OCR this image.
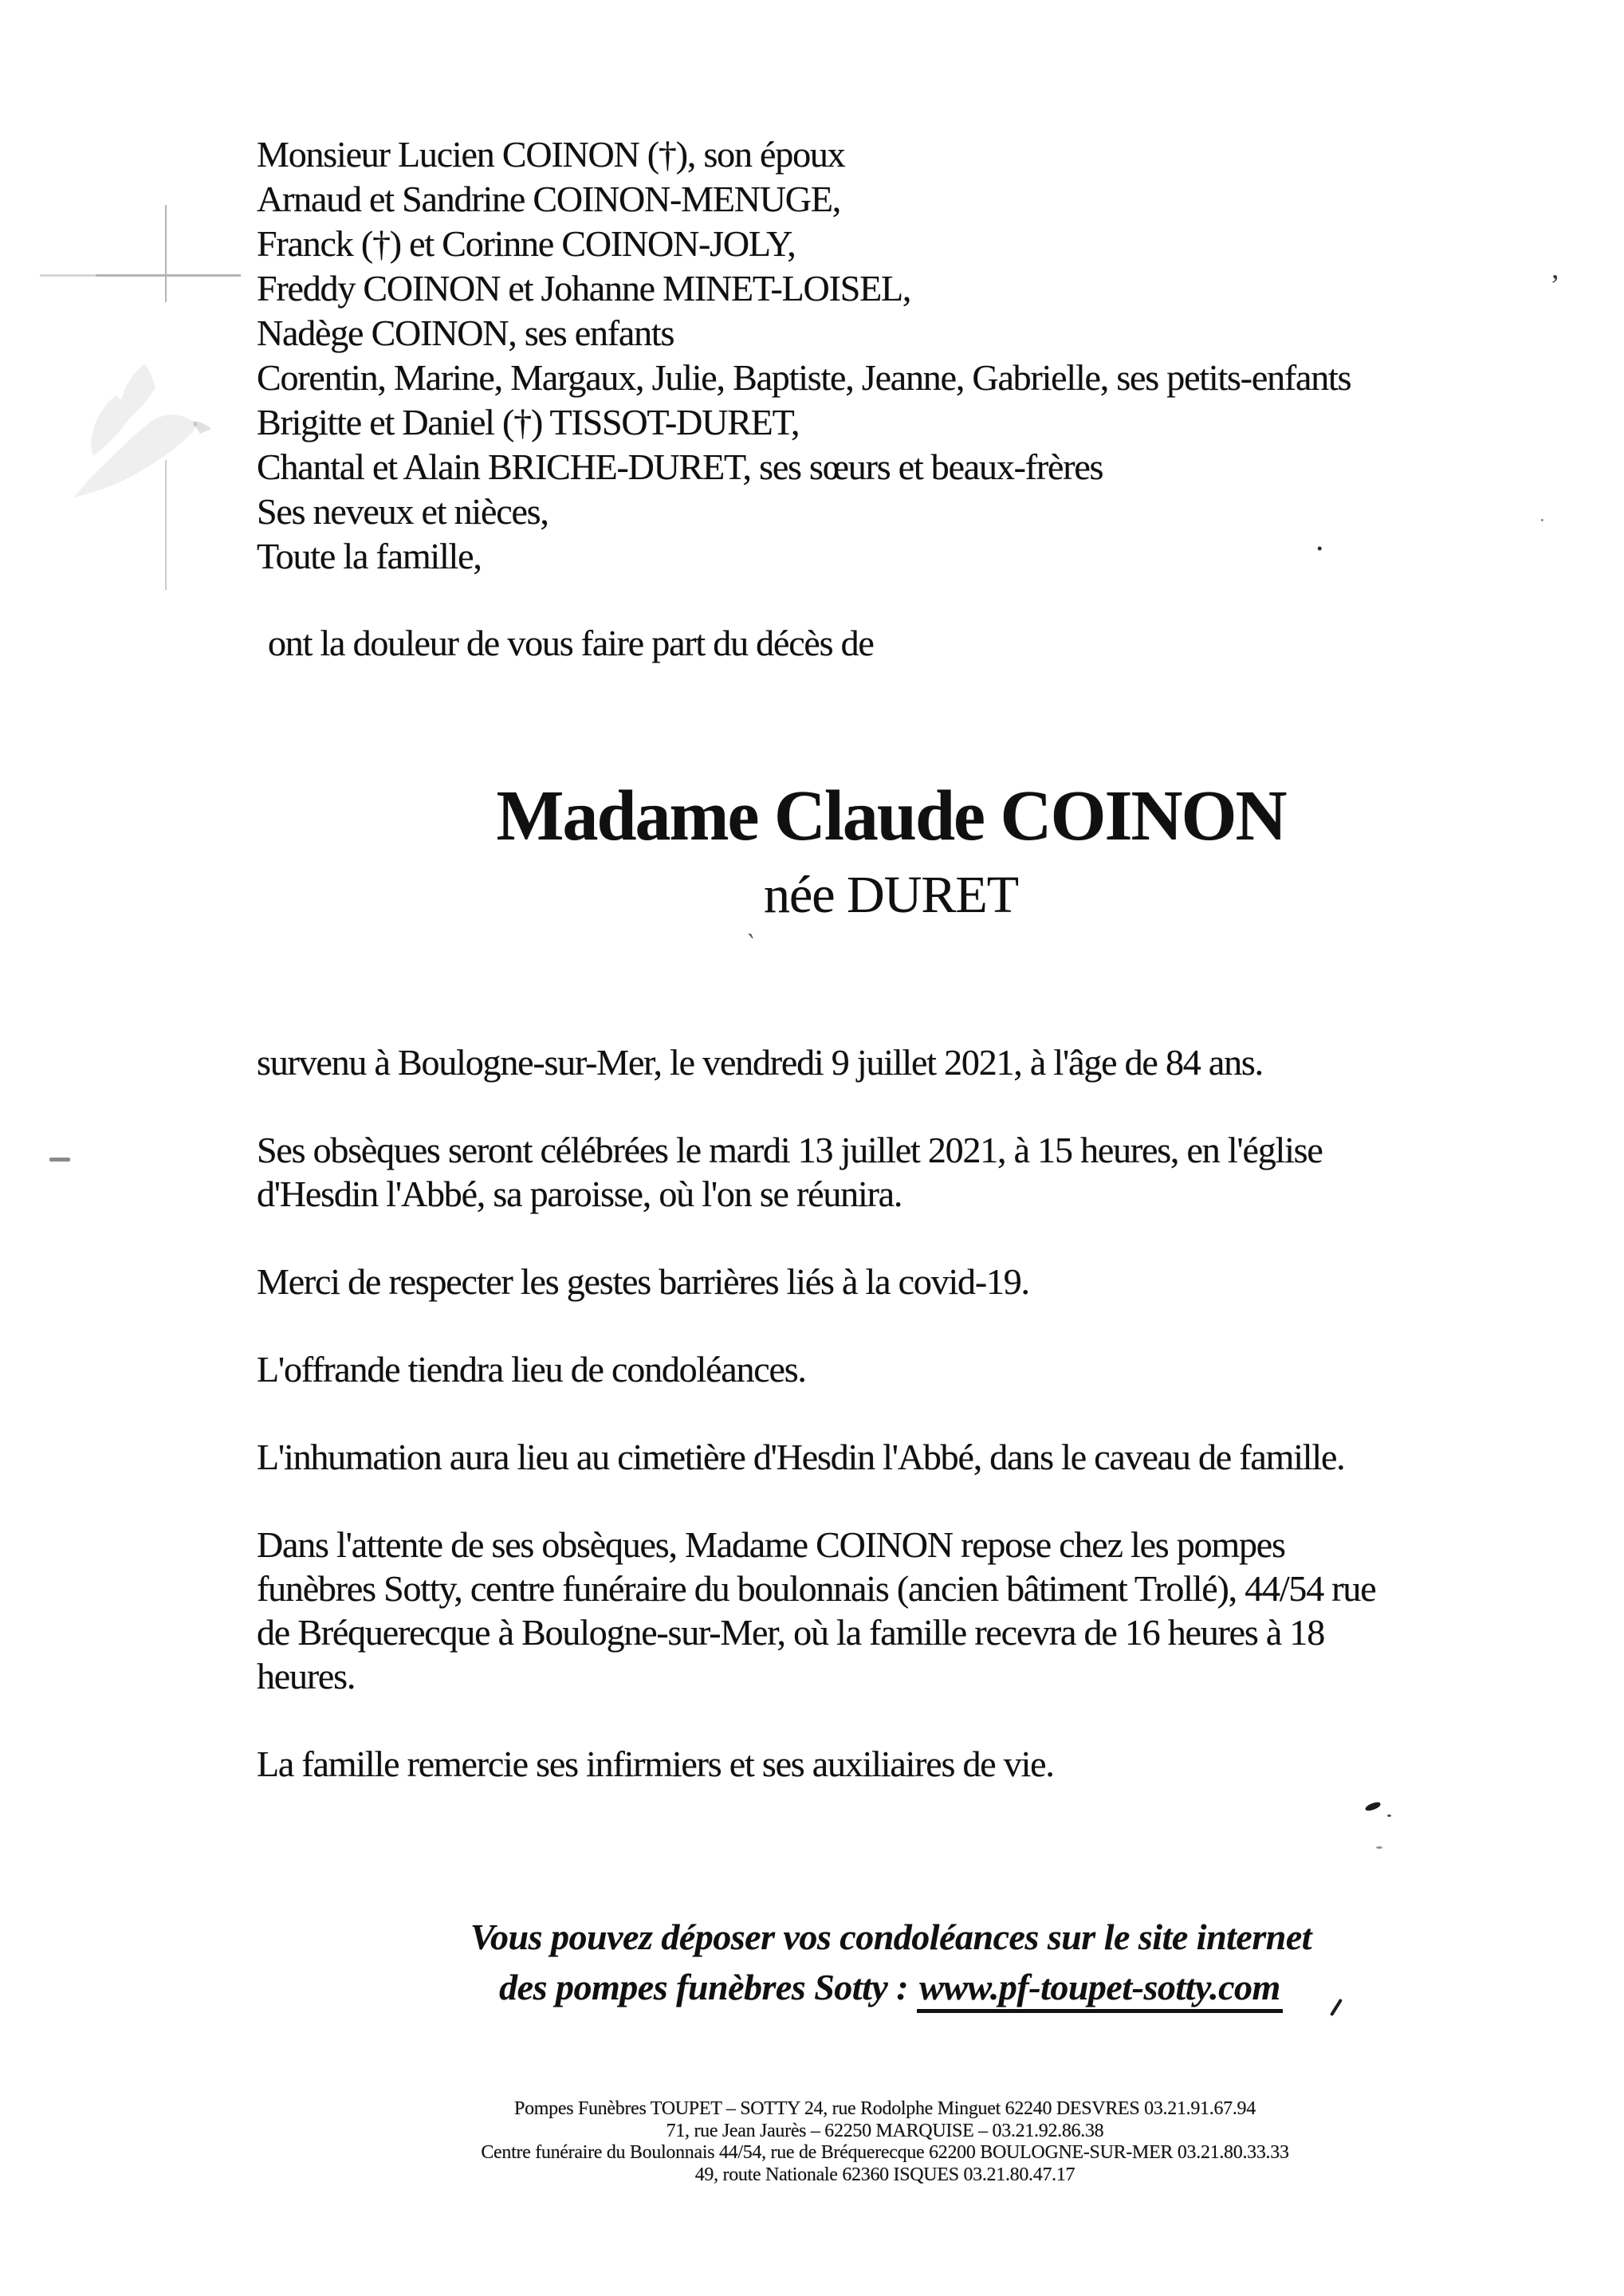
Monsieur Lucien COINON (†), son époux
Arnaud et Sandrine COINON-MENUGE,
Franck (†) et Corinne COINON-JOLY,
Freddy COINON et Johanne MINET-LOISEL,
Nadège COINON, ses enfants
Corentin, Marine, Margaux, Julie, Baptiste, Jeanne, Gabrielle, ses petits-enfants
Brigitte et Daniel (†) TISSOT-DURET,
Chantal et Alain BRICHE-DURET, ses sœurs et beaux-frères
Ses neveux et nièces,
Toute la famille,
ont la douleur de vous faire part du décès de
Madame Claude COINON
née DURET
survenu à Boulogne-sur-Mer, le vendredi 9 juillet 2021, à l'âge de 84 ans.
Ses obsèques seront célébrées le mardi 13 juillet 2021, à 15 heures, en l'église
d'Hesdin l'Abbé, sa paroisse, où l'on se réunira.
Merci de respecter les gestes barrières liés à la covid-19.
L'offrande tiendra lieu de condoléances.
L'inhumation aura lieu au cimetière d'Hesdin l'Abbé, dans le caveau de famille.
Dans l'attente de ses obsèques, Madame COINON repose chez les pompes
funèbres Sotty, centre funéraire du boulonnais (ancien bâtiment Trollé), 44/54 rue
de Bréquerecque à Boulogne-sur-Mer, où la famille recevra de 16 heures à 18
heures.
La famille remercie ses infirmiers et ses auxiliaires de vie.
Vous pouvez déposer vos condoléances sur le site internet
des pompes funèbres Sotty : www.pf-toupet-sotty.com
Pompes Funèbres TOUPET – SOTTY 24, rue Rodolphe Minguet 62240 DESVRES 03.21.91.67.94
71, rue Jean Jaurès – 62250 MARQUISE – 03.21.92.86.38
Centre funéraire du Boulonnais 44/54, rue de Bréquerecque 62200 BOULOGNE-SUR-MER 03.21.80.33.33
49, route Nationale 62360 ISQUES 03.21.80.47.17
,
.
`
·
